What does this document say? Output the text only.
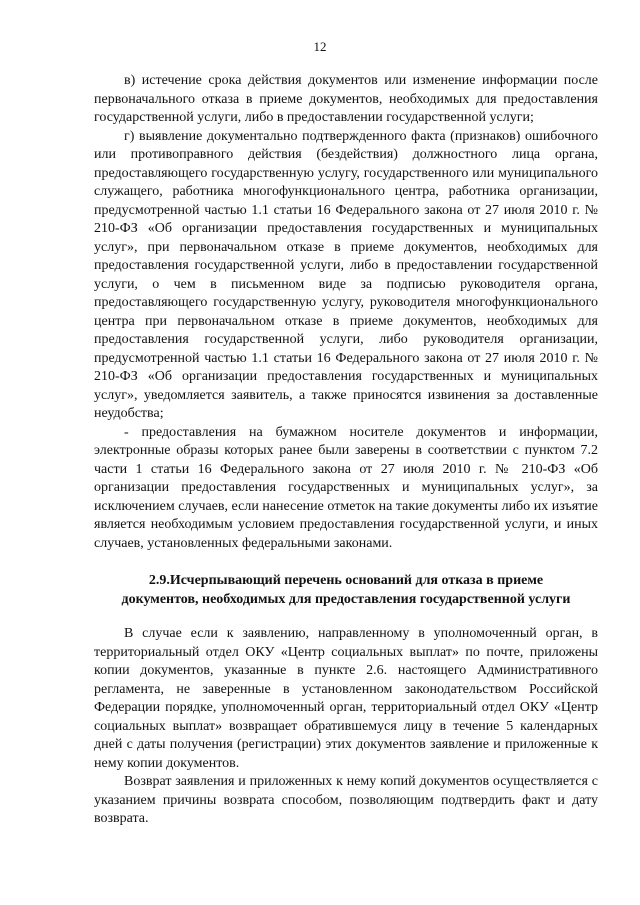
12

в) истечение срока действия документов или изменение информации после первоначального отказа в приеме документов, необходимых для предоставления государственной услуги, либо в предоставлении государственной услуги;

г) выявление документально подтвержденного факта (признаков) ошибочного или противоправного действия (бездействия) должностного лица органа, предоставляющего государственную услугу, государственного или муниципального служащего, работника многофункционального центра, работника организации, предусмотренной частью 1.1 статьи 16 Федерального закона от 27 июля 2010 г. № 210-ФЗ «Об организации предоставления государственных и муниципальных услуг», при первоначальном отказе в приеме документов, необходимых для предоставления государственной услуги, либо в предоставлении государственной услуги, о чем в письменном виде за подписью руководителя органа, предоставляющего государственную услугу, руководителя многофункционального центра при первоначальном отказе в приеме документов, необходимых для предоставления государственной услуги, либо руководителя организации, предусмотренной частью 1.1 статьи 16 Федерального закона от 27 июля 2010 г. № 210-ФЗ «Об организации предоставления государственных и муниципальных услуг», уведомляется заявитель, а также приносятся извинения за доставленные неудобства;

- предоставления на бумажном носителе документов и информации, электронные образы которых ранее были заверены в соответствии с пунктом 7.2 части 1 статьи 16 Федерального закона от 27 июля 2010 г. № 210-ФЗ «Об организации предоставления государственных и муниципальных услуг», за исключением случаев, если нанесение отметок на такие документы либо их изъятие является необходимым условием предоставления государственной услуги, и иных случаев, установленных федеральными законами.

2.9.Исчерпывающий перечень оснований для отказа в приеме
документов, необходимых для предоставления государственной услуги

В случае если к заявлению, направленному в уполномоченный орган, в территориальный отдел ОКУ «Центр социальных выплат» по почте, приложены копии документов, указанные в пункте 2.6. настоящего Административного регламента, не заверенные в установленном законодательством Российской Федерации порядке, уполномоченный орган, территориальный отдел ОКУ «Центр социальных выплат» возвращает обратившемуся лицу в течение 5 календарных дней с даты получения (регистрации) этих документов заявление и приложенные к нему копии документов.

Возврат заявления и приложенных к нему копий документов осуществляется с указанием причины возврата способом, позволяющим подтвердить факт и дату возврата.
